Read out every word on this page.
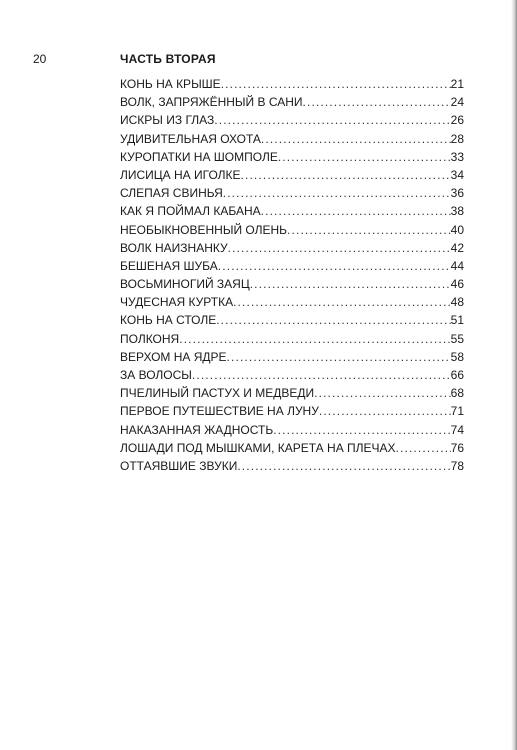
20	ЧАСТЬ ВТОРАЯ
КОНЬ НА КРЫШЕ . . .	21
ВОЛК, ЗАПРЯЖЁННЫЙ В САНИ . . .	24
ИСКРЫ ИЗ ГЛАЗ . . .	26
УДИВИТЕЛЬНАЯ ОХОТА . . .	28
КУРОПАТКИ НА ШОМПОЛЕ . . .	33
ЛИСИЦА НА ИГОЛКЕ . . .	34
СЛЕПАЯ СВИНЬЯ . . .	36
КАК Я ПОЙМАЛ КАБАНА . . .	38
НЕОБЫКНОВЕННЫЙ ОЛЕНЬ . . .	40
ВОЛК НАИЗНАНКУ . . .	42
БЕШЕНАЯ ШУБА . . .	44
ВОСЬМИНОГИЙ ЗАЯЦ . . .	46
ЧУДЕСНАЯ КУРТКА . . .	48
КОНЬ НА СТОЛЕ . . .	51
ПОЛКОНЯ . . .	55
ВЕРХОМ НА ЯДРЕ . . .	58
ЗА ВОЛОСЫ . . .	66
ПЧЕЛИНЫЙ ПАСТУХ И МЕДВЕДИ . . .	68
ПЕРВОЕ ПУТЕШЕСТВИЕ НА ЛУНУ . . .	71
НАКАЗАННАЯ ЖАДНОСТЬ . . .	74
ЛОШАДИ ПОД МЫШКАМИ, КАРЕТА НА ПЛЕЧАХ . . .	76
ОТТАЯВШИЕ ЗВУКИ . . .	78
